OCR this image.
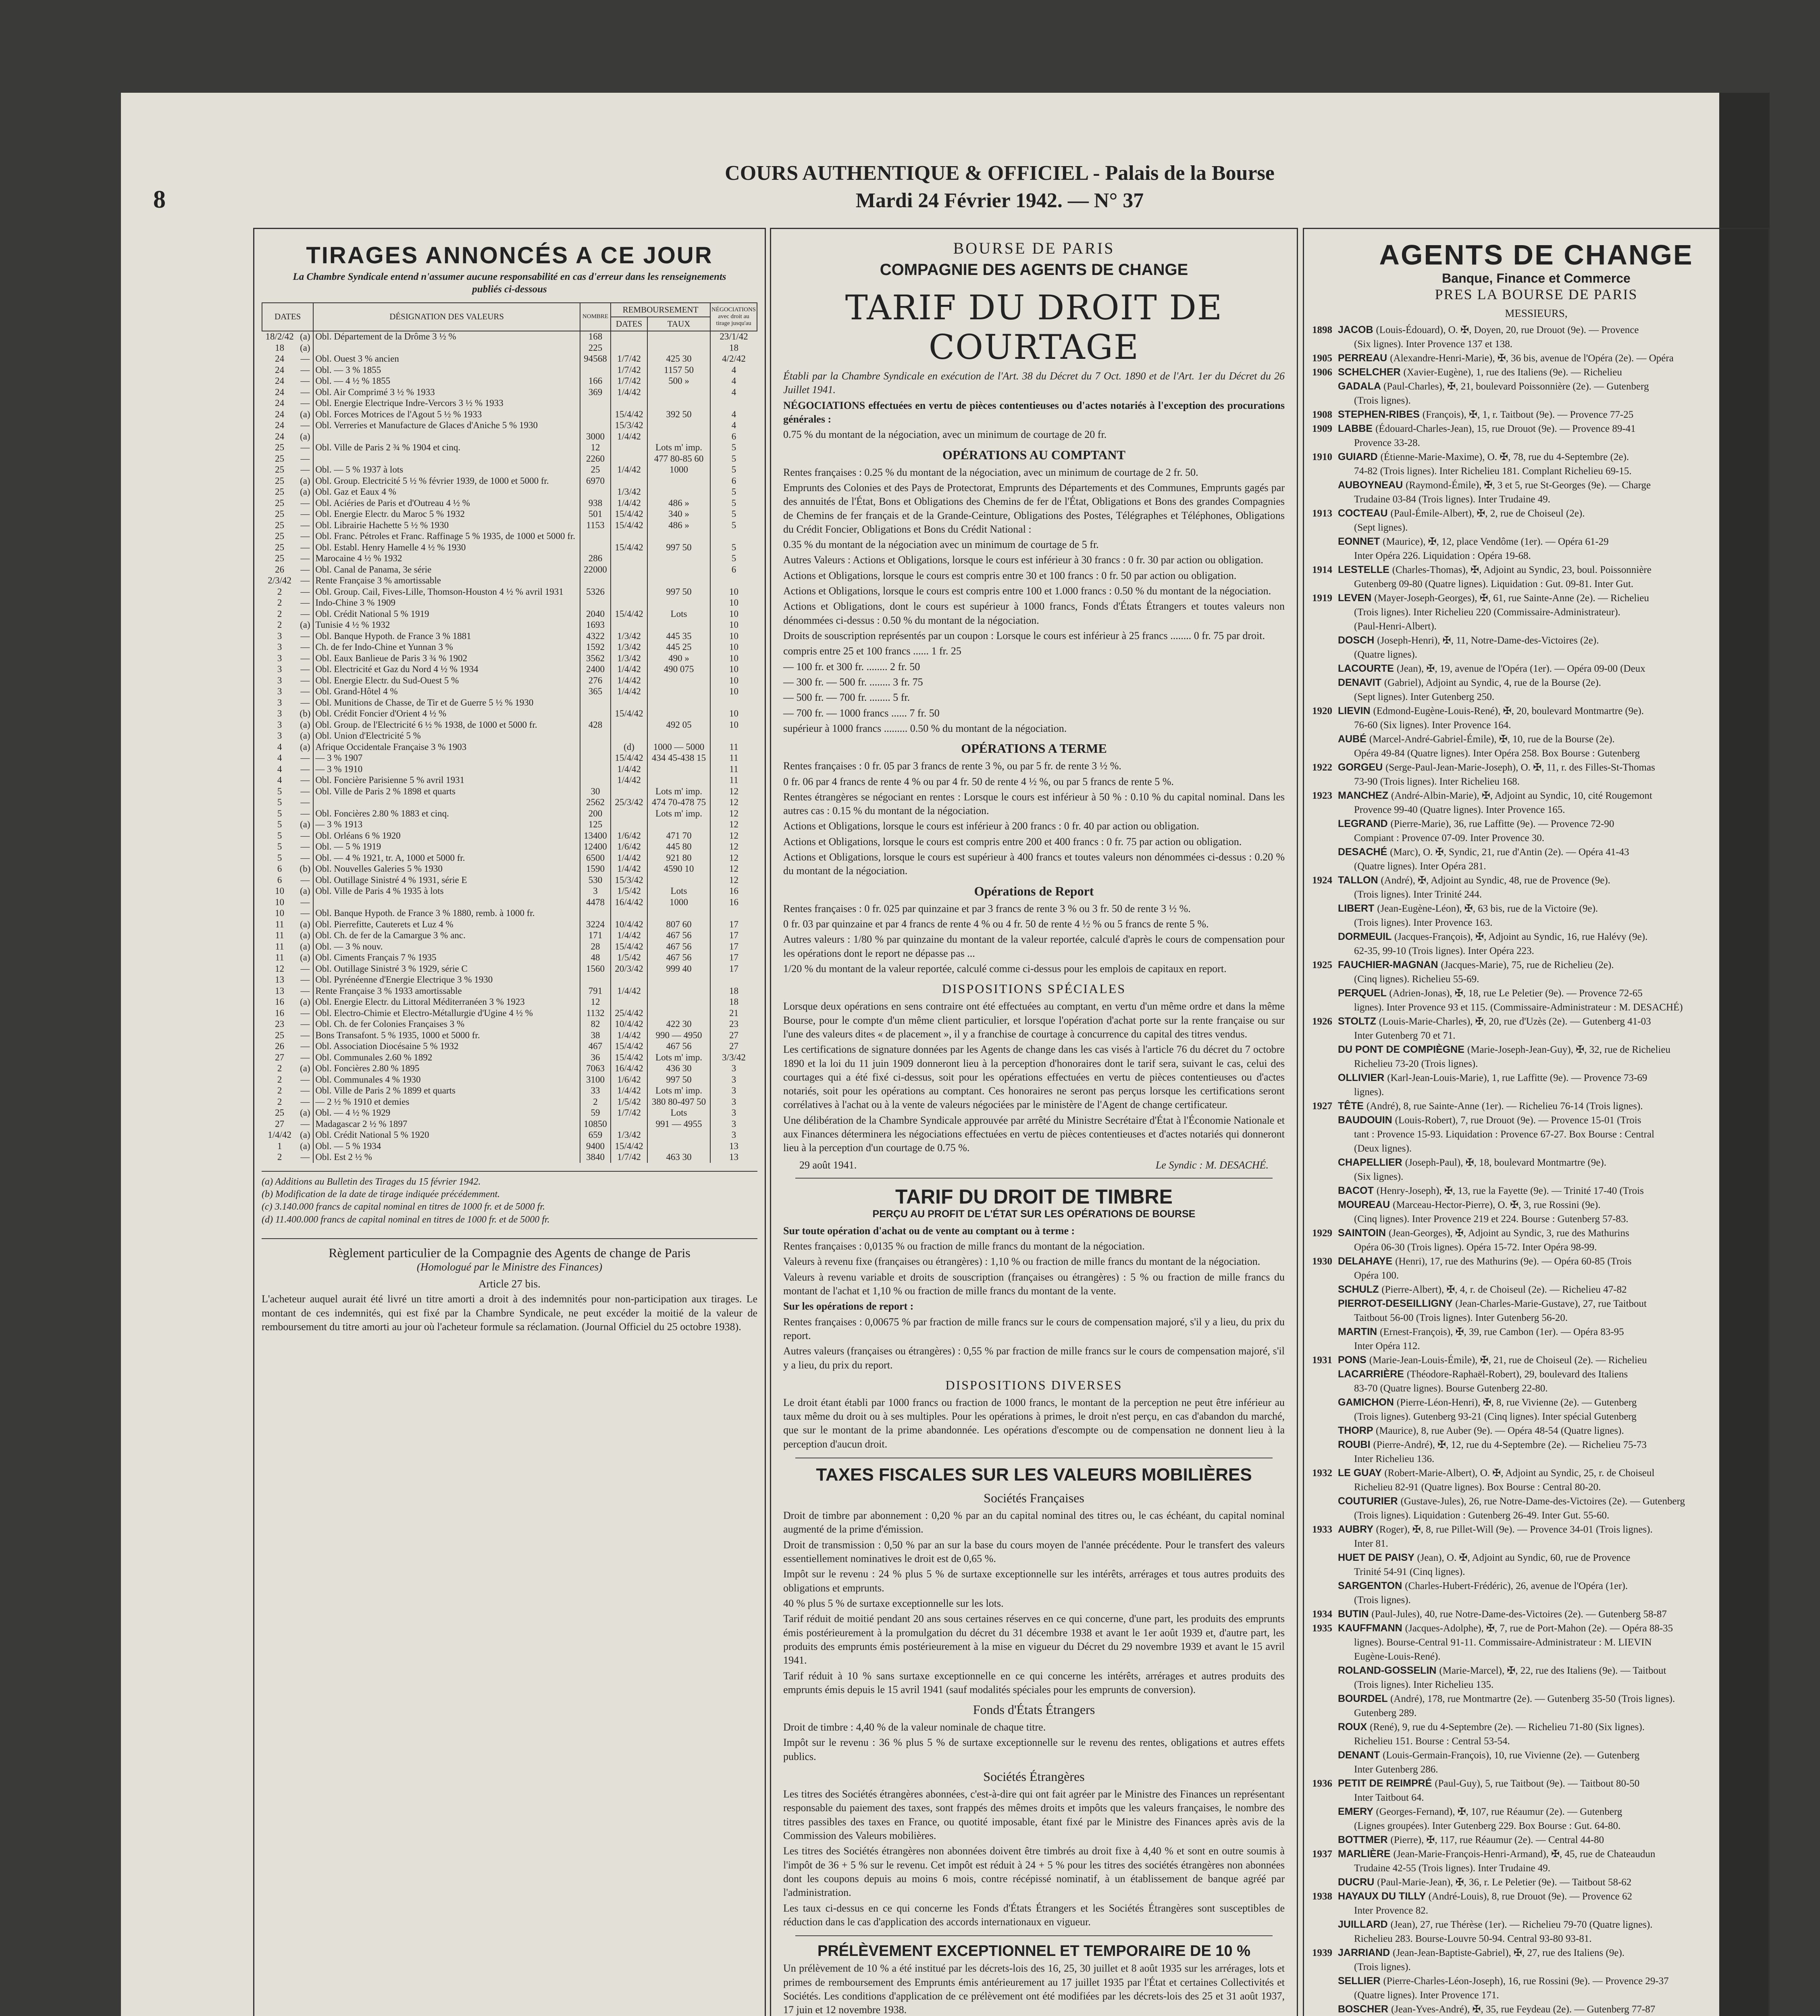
8
COURS AUTHENTIQUE & OFFICIEL - Palais de la Bourse
Mardi 24 Février 1942. — N° 37
TIRAGES ANNONCÉS A CE JOUR
La Chambre Syndicale entend n'assumer aucune responsabilité en cas d'erreur dans les renseignements publiés ci-dessous
DATES		DÉSIGNATION DES VALEURS	NOMBRE	REMBOURSEMENT		NÉGOCIATIONS avec droit au tirage jusqu'au
				DATES	TAUX	
18/2/42	(a)	Obl. Département de la Drôme 3 ½ %	168			23/1/42
18	(a)		225			18
24	—	Obl. Ouest 3 % ancien	94568	1/7/42	425 30	4/2/42
24	—	Obl. — 3 % 1855		1/7/42	1157 50	4
24	—	Obl. — 4 ½ % 1855	166	1/7/42	500 »	4
24	—	Obl. Air Comprimé 3 ½ % 1933	369	1/4/42		4
24	—	Obl. Energie Electrique Indre-Vercors 3 ½ % 1933				
24	(a)	Obl. Forces Motrices de l'Agout 5 ½ % 1933		15/4/42	392 50	4
24	—	Obl. Verreries et Manufacture de Glaces d'Aniche 5 % 1930		15/3/42		4
24	(a)		3000	1/4/42		6
25	—	Obl. Ville de Paris 2 ¾ % 1904 et cinq.	12		Lots m' imp.	5
25	—		2260		477 80-85 60	5
25	—	Obl. — 5 % 1937 à lots	25	1/4/42	1000	5
25	(a)	Obl. Group. Electricité 5 ½ % février 1939, de 1000 et 5000 fr.	6970			6
25	(a)	Obl. Gaz et Eaux 4 %		1/3/42		5
25	—	Obl. Aciéries de Paris et d'Outreau 4 ½ %	938	1/4/42	486 »	5
25	—	Obl. Energie Electr. du Maroc 5 % 1932	501	15/4/42	340 »	5
25	—	Obl. Librairie Hachette 5 ½ % 1930	1153	15/4/42	486 »	5
25	—	Obl. Franc. Pétroles et Franc. Raffinage 5 % 1935, de 1000 et 5000 fr.				
25	—	Obl. Establ. Henry Hamelle 4 ½ % 1930		15/4/42	997 50	5
25	—	Marocaine 4 ½ % 1932	286			5
26	—	Obl. Canal de Panama, 3e série	22000			6
2/3/42	—	Rente Française 3 % amortissable				
2	—	Obl. Group. Cail, Fives-Lille, Thomson-Houston 4 ½ % avril 1931	5326		997 50	10
2	—	Indo-Chine 3 % 1909				10
2	—	Obl. Crédit National 5 % 1919	2040	15/4/42	Lots	10
2	(a)	Tunisie 4 ½ % 1932	1693			10
3	—	Obl. Banque Hypoth. de France 3 % 1881	4322	1/3/42	445 35	10
3	—	Ch. de fer Indo-Chine et Yunnan 3 %	1592	1/3/42	445 25	10
3	—	Obl. Eaux Banlieue de Paris 3 ¾ % 1902	3562	1/3/42	490 »	10
3	—	Obl. Electricité et Gaz du Nord 4 ½ % 1934	2400	1/4/42	490 075	10
3	—	Obl. Energie Electr. du Sud-Ouest 5 %	276	1/4/42		10
3	—	Obl. Grand-Hôtel 4 %	365	1/4/42		10
3	—	Obl. Munitions de Chasse, de Tir et de Guerre 5 ½ % 1930				
3	(b)	Obl. Crédit Foncier d'Orient 4 ½ %		15/4/42		10
3	(a)	Obl. Group. de l'Electricité 6 ½ % 1938, de 1000 et 5000 fr.	428		492 05	10
3	(a)	Obl. Union d'Electricité 5 %				
4	(a)	Afrique Occidentale Française 3 % 1903		(d)	1000 — 5000	11
4	—	— 3 % 1907		15/4/42	434 45-438 15	11
4	—	— 3 % 1910		1/4/42		11
4	—	Obl. Foncière Parisienne 5 % avril 1931		1/4/42		11
5	—	Obl. Ville de Paris 2 % 1898 et quarts	30		Lots m' imp.	12
5	—		2562	25/3/42	474 70-478 75	12
5	—	Obl. Foncières 2.80 % 1883 et cinq.	200		Lots m' imp.	12
5	(a)	— 3 % 1913	125			12
5	—	Obl. Orléans 6 % 1920	13400	1/6/42	471 70	12
5	—	Obl. — 5 % 1919	12400	1/6/42	445 80	12
5	—	Obl. — 4 % 1921, tr. A, 1000 et 5000 fr.	6500	1/4/42	921 80	12
6	(b)	Obl. Nouvelles Galeries 5 % 1930	1590	1/4/42	4590 10	12
6	—	Obl. Outillage Sinistré 4 % 1931, série E	530	15/3/42		12
10	(a)	Obl. Ville de Paris 4 % 1935 à lots	3	1/5/42	Lots	16
10	—		4478	16/4/42	1000	16
10	—	Obl. Banque Hypoth. de France 3 % 1880, remb. à 1000 fr.				
11	(a)	Obl. Pierrefitte, Cauterets et Luz 4 %	3224	10/4/42	807 60	17
11	(a)	Obl. Ch. de fer de la Camargue 3 % anc.	171	1/4/42	467 56	17
11	(a)	Obl. — 3 % nouv.	28	15/4/42	467 56	17
11	(a)	Obl. Ciments Français 7 % 1935	48	1/5/42	467 56	17
12	—	Obl. Outillage Sinistré 3 % 1929, série C	1560	20/3/42	999 40	17
13	—	Obl. Pyrénéenne d'Energie Electrique 3 % 1930				
13	—	Rente Française 3 % 1933 amortissable	791	1/4/42		18
16	(a)	Obl. Energie Electr. du Littoral Méditerranéen 3 % 1923	12			18
16	—	Obl. Electro-Chimie et Electro-Métallurgie d'Ugine 4 ½ %	1132	25/4/42		21
23	—	Obl. Ch. de fer Colonies Françaises 3 %	82	10/4/42	422 30	23
25	—	Bons Transafont. 5 % 1935, 1000 et 5000 fr.	38	1/4/42	990 — 4950	27
26	—	Obl. Association Diocésaine 5 % 1932	467	15/4/42	467 56	27
27	—	Obl. Communales 2.60 % 1892	36	15/4/42	Lots m' imp.	3/3/42
2	(a)	Obl. Foncières 2.80 % 1895	7063	16/4/42	436 30	3
2	—	Obl. Communales 4 % 1930	3100	1/6/42	997 50	3
2	—	Obl. Ville de Paris 2 % 1899 et quarts	33	1/4/42	Lots m' imp.	3
2	—	— 2 ½ % 1910 et demies	2	1/5/42	380 80-497 50	3
25	(a)	Obl. — 4 ½ % 1929	59	1/7/42	Lots	3
27	—	Madagascar 2 ½ % 1897	10850		991 — 4955	3
1/4/42	(a)	Obl. Crédit National 5 % 1920	659	1/3/42		3
1	(a)	Obl. — 5 % 1934	9400	15/4/42		13
2	—	Obl. Est 2 ½ %	3840	1/7/42	463 30	13
(a) Additions au Bulletin des Tirages du 15 février 1942.
(b) Modification de la date de tirage indiquée précédemment.
(c) 3.140.000 francs de capital nominal en titres de 1000 fr. et de 5000 fr.
(d) 11.400.000 francs de capital nominal en titres de 1000 fr. et de 5000 fr.
Règlement particulier de la Compagnie des Agents de change de Paris
(Homologué par le Ministre des Finances)
Article 27 bis.
L'acheteur auquel aurait été livré un titre amorti a droit à des indemnités pour non-participation aux tirages. Le montant de ces indemnités, qui est fixé par la Chambre Syndicale, ne peut excéder la moitié de la valeur de remboursement du titre amorti au jour où l'acheteur formule sa réclamation. (Journal Officiel du 25 octobre 1938).
BOURSE DE PARIS
COMPAGNIE DES AGENTS DE CHANGE
TARIF DU DROIT DE COURTAGE
Établi par la Chambre Syndicale en exécution de l'Art. 38 du Décret du 7 Oct. 1890 et de l'Art. 1er du Décret du 26 Juillet 1941.
NÉGOCIATIONS effectuées en vertu de pièces contentieuses ou d'actes notariés à l'exception des procurations générales :
0.75 % du montant de la négociation, avec un minimum de courtage de 20 fr.
OPÉRATIONS AU COMPTANT
Rentes françaises : 0.25 % du montant de la négociation, avec un minimum de courtage de 2 fr. 50.
Emprunts des Colonies et des Pays de Protectorat, Emprunts des Départements et des Communes, Emprunts gagés par des annuités de l'État, Bons et Obligations des Chemins de fer de l'État, Obligations et Bons des grandes Compagnies de Chemins de fer français et de la Grande-Ceinture, Obligations des Postes, Télégraphes et Téléphones, Obligations du Crédit Foncier, Obligations et Bons du Crédit National :
0.35 % du montant de la négociation avec un minimum de courtage de 5 fr.
Autres Valeurs : Actions et Obligations, lorsque le cours est inférieur à 30 francs : 0 fr. 30 par action ou obligation.
Actions et Obligations, lorsque le cours est compris entre 30 et 100 francs : 0 fr. 50 par action ou obligation.
Actions et Obligations, lorsque le cours est compris entre 100 et 1.000 francs : 0.50 % du montant de la négociation.
Actions et Obligations, dont le cours est supérieur à 1000 francs, Fonds d'États Étrangers et toutes valeurs non dénommées ci-dessus : 0.50 % du montant de la négociation.
Droits de souscription représentés par un coupon : Lorsque le cours est inférieur à 25 francs ........ 0 fr. 75 par droit.
compris entre 25 et 100 francs ...... 1 fr. 25
— 100 fr. et 300 fr. ........ 2 fr. 50
— 300 fr. — 500 fr. ........ 3 fr. 75
— 500 fr. — 700 fr. ........ 5 fr.
— 700 fr. — 1000 francs ...... 7 fr. 50
supérieur à 1000 francs ......... 0.50 % du montant de la négociation.
OPÉRATIONS A TERME
Rentes françaises : 0 fr. 05 par 3 francs de rente 3 %, ou par 5 fr. de rente 3 ½ %.
0 fr. 06 par 4 francs de rente 4 % ou par 4 fr. 50 de rente 4 ½ %, ou par 5 francs de rente 5 %.
Rentes étrangères se négociant en rentes : Lorsque le cours est inférieur à 50 % : 0.10 % du capital nominal. Dans les autres cas : 0.15 % du montant de la négociation.
Actions et Obligations, lorsque le cours est inférieur à 200 francs : 0 fr. 40 par action ou obligation.
Actions et Obligations, lorsque le cours est compris entre 200 et 400 francs : 0 fr. 75 par action ou obligation.
Actions et Obligations, lorsque le cours est supérieur à 400 francs et toutes valeurs non dénommées ci-dessus : 0.20 % du montant de la négociation.
Opérations de Report
Rentes françaises : 0 fr. 025 par quinzaine et par 3 francs de rente 3 % ou 3 fr. 50 de rente 3 ½ %.
0 fr. 03 par quinzaine et par 4 francs de rente 4 % ou 4 fr. 50 de rente 4 ½ % ou 5 francs de rente 5 %.
Autres valeurs : 1/80 % par quinzaine du montant de la valeur reportée, calculé d'après le cours de compensation pour les opérations dont le report ne dépasse pas ...
1/20 % du montant de la valeur reportée, calculé comme ci-dessus pour les emplois de capitaux en report.
DISPOSITIONS SPÉCIALES
Lorsque deux opérations en sens contraire ont été effectuées au comptant, en vertu d'un même ordre et dans la même Bourse, pour le compte d'un même client particulier, et lorsque l'opération d'achat porte sur la rente française ou sur l'une des valeurs dites « de placement », il y a franchise de courtage à concurrence du capital des titres vendus.
Les certifications de signature données par les Agents de change dans les cas visés à l'article 76 du décret du 7 octobre 1890 et la loi du 11 juin 1909 donneront lieu à la perception d'honoraires dont le tarif sera, suivant le cas, celui des courtages qui a été fixé ci-dessus, soit pour les opérations effectuées en vertu de pièces contentieuses ou d'actes notariés, soit pour les opérations au comptant. Ces honoraires ne seront pas perçus lorsque les certifications seront corrélatives à l'achat ou à la vente de valeurs négociées par le ministère de l'Agent de change certificateur.
Une délibération de la Chambre Syndicale approuvée par arrêté du Ministre Secrétaire d'État à l'Économie Nationale et aux Finances déterminera les négociations effectuées en vertu de pièces contentieuses et d'actes notariés qui donneront lieu à la perception d'un courtage de 0.75 %.
29 août 1941.	Le Syndic : M. DESACHÉ.
TARIF DU DROIT DE TIMBRE
PERÇU AU PROFIT DE L'ÉTAT SUR LES OPÉRATIONS DE BOURSE
Sur toute opération d'achat ou de vente au comptant ou à terme :
Rentes françaises : 0,0135 % ou fraction de mille francs du montant de la négociation.
Valeurs à revenu fixe (françaises ou étrangères) : 1,10 % ou fraction de mille francs du montant de la négociation.
Valeurs à revenu variable et droits de souscription (françaises ou étrangères) : 5 % ou fraction de mille francs du montant de l'achat et 1,10 % ou fraction de mille francs du montant de la vente.
Sur les opérations de report :
Rentes françaises : 0,00675 % par fraction de mille francs sur le cours de compensation majoré, s'il y a lieu, du prix du report.
Autres valeurs (françaises ou étrangères) : 0,55 % par fraction de mille francs sur le cours de compensation majoré, s'il y a lieu, du prix du report.
DISPOSITIONS DIVERSES
Le droit étant établi par 1000 francs ou fraction de 1000 francs, le montant de la perception ne peut être inférieur au taux même du droit ou à ses multiples. Pour les opérations à primes, le droit n'est perçu, en cas d'abandon du marché, que sur le montant de la prime abandonnée. Les opérations d'escompte ou de compensation ne donnent lieu à la perception d'aucun droit.
TAXES FISCALES SUR LES VALEURS MOBILIÈRES
Sociétés Françaises
Droit de timbre par abonnement : 0,20 % par an du capital nominal des titres ou, le cas échéant, du capital nominal augmenté de la prime d'émission.
Droit de transmission : 0,50 % par an sur la base du cours moyen de l'année précédente. Pour le transfert des valeurs essentiellement nominatives le droit est de 0,65 %.
Impôt sur le revenu : 24 % plus 5 % de surtaxe exceptionnelle sur les intérêts, arrérages et tous autres produits des obligations et emprunts.
40 % plus 5 % de surtaxe exceptionnelle sur les lots.
Tarif réduit de moitié pendant 20 ans sous certaines réserves en ce qui concerne, d'une part, les produits des emprunts émis postérieurement à la promulgation du décret du 31 décembre 1938 et avant le 1er août 1939 et, d'autre part, les produits des emprunts émis postérieurement à la mise en vigueur du Décret du 29 novembre 1939 et avant le 15 avril 1941.
Tarif réduit à 10 % sans surtaxe exceptionnelle en ce qui concerne les intérêts, arrérages et autres produits des emprunts émis depuis le 15 avril 1941 (sauf modalités spéciales pour les emprunts de conversion).
Fonds d'États Étrangers
Droit de timbre : 4,40 % de la valeur nominale de chaque titre.
Impôt sur le revenu : 36 % plus 5 % de surtaxe exceptionnelle sur le revenu des rentes, obligations et autres effets publics.
Sociétés Étrangères
Les titres des Sociétés étrangères abonnées, c'est-à-dire qui ont fait agréer par le Ministre des Finances un représentant responsable du paiement des taxes, sont frappés des mêmes droits et impôts que les valeurs françaises, le nombre des titres passibles des taxes en France, ou quotité imposable, étant fixé par le Ministre des Finances après avis de la Commission des Valeurs mobilières.
Les titres des Sociétés étrangères non abonnées doivent être timbrés au droit fixe à 4,40 % et sont en outre soumis à l'impôt de 36 + 5 % sur le revenu. Cet impôt est réduit à 24 + 5 % pour les titres des sociétés étrangères non abonnées dont les coupons depuis au moins 6 mois, contre récépissé nominatif, à un établissement de banque agréé par l'administration.
Les taux ci-dessus en ce qui concerne les Fonds d'États Étrangers et les Sociétés Étrangères sont susceptibles de réduction dans le cas d'application des accords internationaux en vigueur.
PRÉLÈVEMENT EXCEPTIONNEL ET TEMPORAIRE DE 10 %
Un prélèvement de 10 % a été institué par les décrets-lois des 16, 25, 30 juillet et 8 août 1935 sur les arrérages, lots et primes de remboursement des Emprunts émis antérieurement au 17 juillet 1935 par l'État et certaines Collectivités et Sociétés. Les conditions d'application de ce prélèvement ont été modifiées par les décrets-lois des 25 et 31 août 1937, 17 juin et 12 novembre 1938.
AGENTS DE CHANGE
Banque, Finance et Commerce
PRES LA BOURSE DE PARIS
MESSIEURS,
1898 JACOB (Louis-Édouard), O. ✠, Doyen, 20, rue Drouot (9e). — Provence
(Six lignes). Inter Provence 137 et 138.
1905 PERREAU (Alexandre-Henri-Marie), ✠, 36 bis, avenue de l'Opéra (2e). — Opéra
1906 SCHELCHER (Xavier-Eugène), 1, rue des Italiens (9e). — Richelieu
GADALA (Paul-Charles), ✠, 21, boulevard Poissonnière (2e). — Gutenberg
(Trois lignes).
1908 STEPHEN-RIBES (François), ✠, 1, r. Taitbout (9e). — Provence 77-25
1909 LABBE (Édouard-Charles-Jean), 15, rue Drouot (9e). — Provence 89-41
Provence 33-28.
1910 GUIARD (Étienne-Marie-Maxime), O. ✠, 78, rue du 4-Septembre (2e).
74-82 (Trois lignes). Inter Richelieu 181. Complant Richelieu 69-15.
AUBOYNEAU (Raymond-Émile), ✠, 3 et 5, rue St-Georges (9e). — Charge
Trudaine 03-84 (Trois lignes). Inter Trudaine 49.
1913 COCTEAU (Paul-Émile-Albert), ✠, 2, rue de Choiseul (2e).
(Sept lignes).
EONNET (Maurice), ✠, 12, place Vendôme (1er). — Opéra 61-29
Inter Opéra 226. Liquidation : Opéra 19-68.
1914 LESTELLE (Charles-Thomas), ✠, Adjoint au Syndic, 23, boul. Poissonnière
Gutenberg 09-80 (Quatre lignes). Liquidation : Gut. 09-81. Inter Gut.
1919 LEVEN (Mayer-Joseph-Georges), ✠, 61, rue Sainte-Anne (2e). — Richelieu
(Trois lignes). Inter Richelieu 220 (Commissaire-Administrateur).
(Paul-Henri-Albert).
DOSCH (Joseph-Henri), ✠, 11, Notre-Dame-des-Victoires (2e).
(Quatre lignes).
LACOURTE (Jean), ✠, 19, avenue de l'Opéra (1er). — Opéra 09-00 (Deux
DENAVIT (Gabriel), Adjoint au Syndic, 4, rue de la Bourse (2e).
(Sept lignes). Inter Gutenberg 250.
1920 LIEVIN (Edmond-Eugène-Louis-René), ✠, 20, boulevard Montmartre (9e).
76-60 (Six lignes). Inter Provence 164.
AUBÉ (Marcel-André-Gabriel-Émile), ✠, 10, rue de la Bourse (2e).
Opéra 49-84 (Quatre lignes). Inter Opéra 258. Box Bourse : Gutenberg
1922 GORGEU (Serge-Paul-Jean-Marie-Joseph), O. ✠, 11, r. des Filles-St-Thomas
73-90 (Trois lignes). Inter Richelieu 168.
1923 MANCHEZ (André-Albin-Marie), ✠, Adjoint au Syndic, 10, cité Rougemont
Provence 99-40 (Quatre lignes). Inter Provence 165.
LEGRAND (Pierre-Marie), 36, rue Laffitte (9e). — Provence 72-90
Compiant : Provence 07-09. Inter Provence 30.
DESACHÉ (Marc), O. ✠, Syndic, 21, rue d'Antin (2e). — Opéra 41-43
(Quatre lignes). Inter Opéra 281.
1924 TALLON (André), ✠, Adjoint au Syndic, 48, rue de Provence (9e).
(Trois lignes). Inter Trinité 244.
LIBERT (Jean-Eugène-Léon), ✠, 63 bis, rue de la Victoire (9e).
(Trois lignes). Inter Provence 163.
DORMEUIL (Jacques-François), ✠, Adjoint au Syndic, 16, rue Halévy (9e).
62-35, 99-10 (Trois lignes). Inter Opéra 223.
1925 FAUCHIER-MAGNAN (Jacques-Marie), 75, rue de Richelieu (2e).
(Cinq lignes). Richelieu 55-69.
PERQUEL (Adrien-Jonas), ✠, 18, rue Le Peletier (9e). — Provence 72-65
lignes). Inter Provence 93 et 115. (Commissaire-Administrateur : M. DESACHÉ)
1926 STOLTZ (Louis-Marie-Charles), ✠, 20, rue d'Uzès (2e). — Gutenberg 41-03
Inter Gutenberg 70 et 71.
DU PONT DE COMPIÈGNE (Marie-Joseph-Jean-Guy), ✠, 32, rue de Richelieu
Richelieu 73-20 (Trois lignes).
OLLIVIER (Karl-Jean-Louis-Marie), 1, rue Laffitte (9e). — Provence 73-69
lignes).
1927 TÊTE (André), 8, rue Sainte-Anne (1er). — Richelieu 76-14 (Trois lignes).
BAUDOUIN (Louis-Robert), 7, rue Drouot (9e). — Provence 15-01 (Trois
tant : Provence 15-93. Liquidation : Provence 67-27. Box Bourse : Central
(Deux lignes).
CHAPELLIER (Joseph-Paul), ✠, 18, boulevard Montmartre (9e).
(Six lignes).
BACOT (Henry-Joseph), ✠, 13, rue la Fayette (9e). — Trinité 17-40 (Trois
MOUREAU (Marceau-Hector-Pierre), O. ✠, 3, rue Rossini (9e).
(Cinq lignes). Inter Provence 219 et 224. Bourse : Gutenberg 57-83.
1929 SAINTOIN (Jean-Georges), ✠, Adjoint au Syndic, 3, rue des Mathurins
Opéra 06-30 (Trois lignes). Opéra 15-72. Inter Opéra 98-99.
1930 DELAHAYE (Henri), 17, rue des Mathurins (9e). — Opéra 60-85 (Trois
Opéra 100.
SCHULZ (Pierre-Albert), ✠, 4, r. de Choiseul (2e). — Richelieu 47-82
PIERROT-DESEILLIGNY (Jean-Charles-Marie-Gustave), 27, rue Taitbout
Taitbout 56-00 (Trois lignes). Inter Gutenberg 56-20.
MARTIN (Ernest-François), ✠, 39, rue Cambon (1er). — Opéra 83-95
Inter Opéra 112.
1931 PONS (Marie-Jean-Louis-Émile), ✠, 21, rue de Choiseul (2e). — Richelieu
LACARRIÈRE (Théodore-Raphaël-Robert), 29, boulevard des Italiens
83-70 (Quatre lignes). Bourse Gutenberg 22-80.
GAMICHON (Pierre-Léon-Henri), ✠, 8, rue Vivienne (2e). — Gutenberg
(Trois lignes). Gutenberg 93-21 (Cinq lignes). Inter spécial Gutenberg
THORP (Maurice), 8, rue Auber (9e). — Opéra 48-54 (Quatre lignes).
ROUBI (Pierre-André), ✠, 12, rue du 4-Septembre (2e). — Richelieu 75-73
Inter Richelieu 136.
1932 LE GUAY (Robert-Marie-Albert), O. ✠, Adjoint au Syndic, 25, r. de Choiseul
Richelieu 82-91 (Quatre lignes). Box Bourse : Central 80-20.
COUTURIER (Gustave-Jules), 26, rue Notre-Dame-des-Victoires (2e). — Gutenberg
(Trois lignes). Liquidation : Gutenberg 26-49. Inter Gut. 55-60.
1933 AUBRY (Roger), ✠, 8, rue Pillet-Will (9e). — Provence 34-01 (Trois lignes).
Inter 81.
HUET DE PAISY (Jean), O. ✠, Adjoint au Syndic, 60, rue de Provence
Trinité 54-91 (Cinq lignes).
SARGENTON (Charles-Hubert-Frédéric), 26, avenue de l'Opéra (1er).
(Trois lignes).
1934 BUTIN (Paul-Jules), 40, rue Notre-Dame-des-Victoires (2e). — Gutenberg 58-87
1935 KAUFFMANN (Jacques-Adolphe), ✠, 7, rue de Port-Mahon (2e). — Opéra 88-35
lignes). Bourse-Central 91-11. Commissaire-Administrateur : M. LIEVIN
Eugène-Louis-René).
ROLAND-GOSSELIN (Marie-Marcel), ✠, 22, rue des Italiens (9e). — Taitbout
(Trois lignes). Inter Richelieu 135.
BOURDEL (André), 178, rue Montmartre (2e). — Gutenberg 35-50 (Trois lignes).
Gutenberg 289.
ROUX (René), 9, rue du 4-Septembre (2e). — Richelieu 71-80 (Six lignes).
Richelieu 151. Bourse : Central 53-54.
DENANT (Louis-Germain-François), 10, rue Vivienne (2e). — Gutenberg
Inter Gutenberg 286.
1936 PETIT DE REIMPRÉ (Paul-Guy), 5, rue Taitbout (9e). — Taitbout 80-50
Inter Taitbout 64.
EMERY (Georges-Fernand), ✠, 107, rue Réaumur (2e). — Gutenberg
(Lignes groupées). Inter Gutenberg 229. Box Bourse : Gut. 64-80.
BOTTMER (Pierre), ✠, 117, rue Réaumur (2e). — Central 44-80
1937 MARLIÈRE (Jean-Marie-François-Henri-Armand), ✠, 45, rue de Chateaudun
Trudaine 42-55 (Trois lignes). Inter Trudaine 49.
DUCRU (Paul-Marie-Jean), ✠, 36, r. Le Peletier (9e). — Taitbout 58-62
1938 HAYAUX DU TILLY (André-Louis), 8, rue Drouot (9e). — Provence 62
Inter Provence 82.
JUILLARD (Jean), 27, rue Thérèse (1er). — Richelieu 79-70 (Quatre lignes).
Richelieu 283. Bourse-Louvre 50-94. Central 93-80 93-81.
1939 JARRIAND (Jean-Jean-Baptiste-Gabriel), ✠, 27, rue des Italiens (9e).
(Trois lignes).
SELLIER (Pierre-Charles-Léon-Joseph), 16, rue Rossini (9e). — Provence 29-37
(Quatre lignes). Inter Provence 171.
BOSCHER (Jean-Yves-André), ✠, 35, rue Feydeau (2e). — Gutenberg 77-87
